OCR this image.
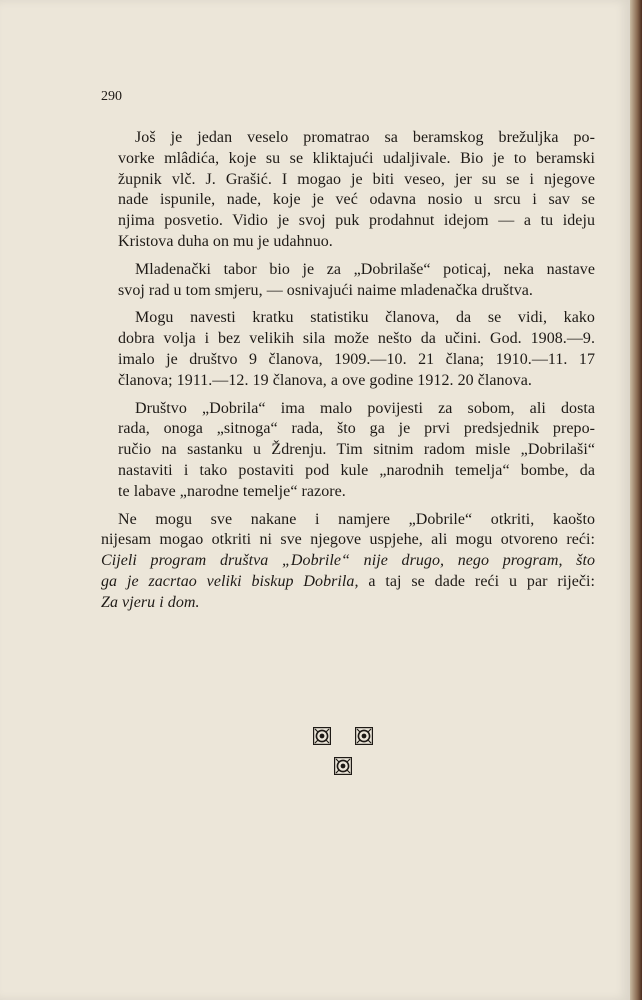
290

Još je jedan veselo promatrao sa beramskog brežuljka po-
vorke mlâdića, koje su se kliktajući udaljivale. Bio je to beramski
župnik vlč. J. Grašić. I mogao je biti veseo, jer su se i njegove
nade ispunile, nade, koje je već odavna nosio u srcu i sav se
njima posvetio. Vidio je svoj puk prodahnut idejom — a tu ideju
Kristova duha on mu je udahnuo.

Mladenački tabor bio je za „Dobrilaše“ poticaj, neka nastave
svoj rad u tom smjeru, — osnivajući naime mladenačka društva.

Mogu navesti kratku statistiku članova, da se vidi, kako
dobra volja i bez velikih sila može nešto da učini. God. 1908.—9.
imalo je društvo 9 članova, 1909.—10. 21 člana; 1910.—11. 17
članova; 1911.—12. 19 članova, a ove godine 1912. 20 članova.

Društvo „Dobrila“ ima malo povijesti za sobom, ali dosta
rada, onoga „sitnoga“ rada, što ga je prvi predsjednik prepo-
ručio na sastanku u Ždrenju. Tim sitnim radom misle „Dobrilaši“
nastaviti i tako postaviti pod kule „narodnih temelja“ bombe, da
te labave „narodne temelje“ razore.

Ne mogu sve nakane i namjere „Dobrile“ otkriti, kaošto
nijesam mogao otkriti ni sve njegove uspjehe, ali mogu otvoreno reći:
Cijeli program društva „Dobrile“ nije drugo, nego program, što
ga je zacrtao veliki biskup Dobrila, a taj se dade reći u par riječi:
Za vjeru i dom.
